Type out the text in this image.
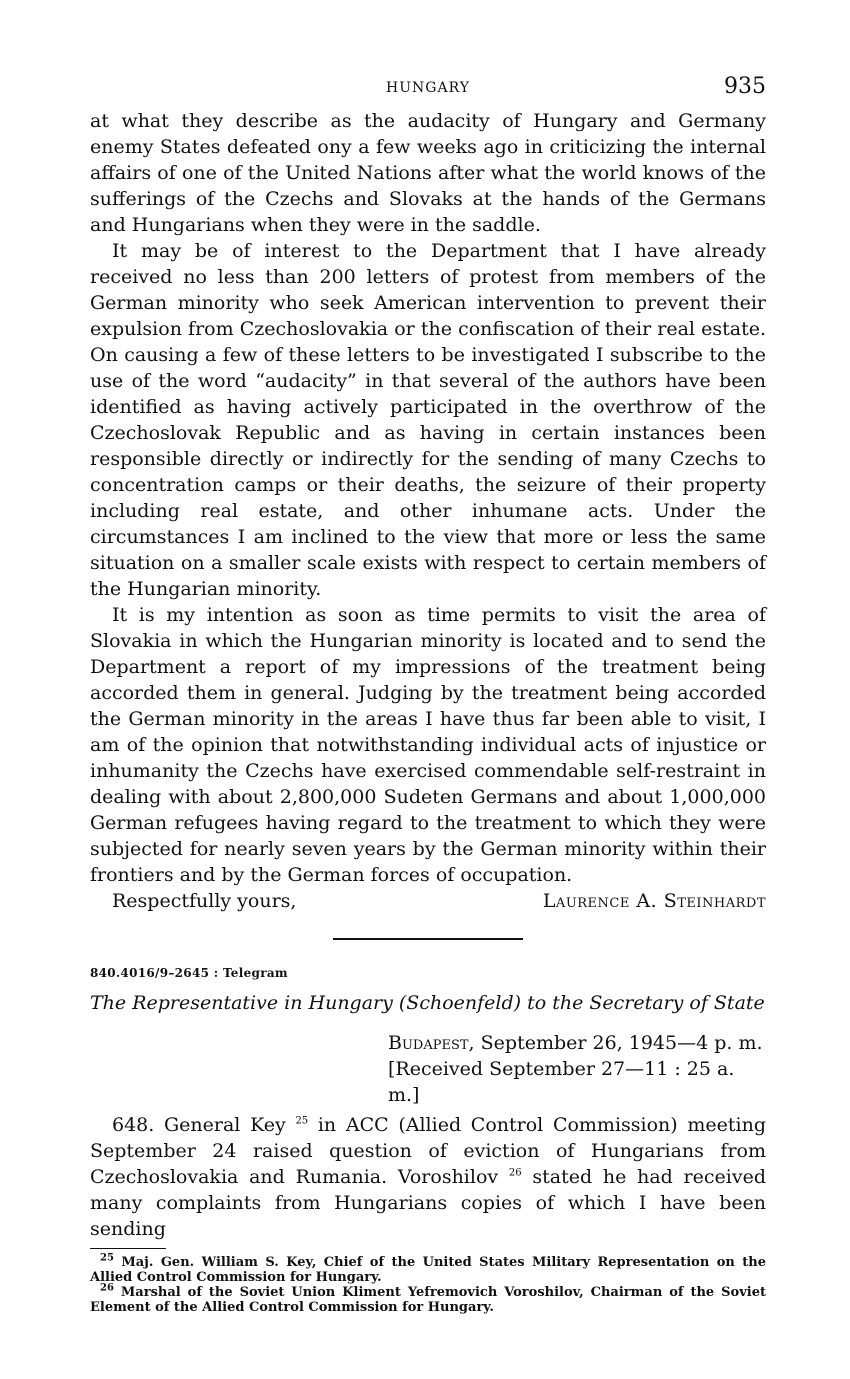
HUNGARY	935

at what they describe as the audacity of Hungary and Germany enemy States defeated ony a few weeks ago in criticizing the internal affairs of one of the United Nations after what the world knows of the sufferings of the Czechs and Slovaks at the hands of the Germans and Hungarians when they were in the saddle.

It may be of interest to the Department that I have already received no less than 200 letters of protest from members of the German minority who seek American intervention to prevent their expulsion from Czechoslovakia or the confiscation of their real estate. On causing a few of these letters to be investigated I subscribe to the use of the word “audacity” in that several of the authors have been identified as having actively participated in the overthrow of the Czechoslovak Republic and as having in certain instances been responsible directly or indirectly for the sending of many Czechs to concentration camps or their deaths, the seizure of their property including real estate, and other inhumane acts. Under the circumstances I am inclined to the view that more or less the same situation on a smaller scale exists with respect to certain members of the Hungarian minority.

It is my intention as soon as time permits to visit the area of Slovakia in which the Hungarian minority is located and to send the Department a report of my impressions of the treatment being accorded them in general. Judging by the treatment being accorded the German minority in the areas I have thus far been able to visit, I am of the opinion that notwithstanding individual acts of injustice or inhumanity the Czechs have exercised commendable self-restraint in dealing with about 2,800,000 Sudeten Germans and about 1,000,000 German refugees having regard to the treatment to which they were subjected for nearly seven years by the German minority within their frontiers and by the German forces of occupation.

Respectfully yours,	Laurence A. Steinhardt
840.4016/9–2645 : Telegram
The Representative in Hungary (Schoenfeld) to the Secretary of State
Budapest, September 26, 1945—4 p. m.
[Received September 27—11 : 25 a. m.]

648. General Key $^{25}$ in ACC (Allied Control Commission) meeting September 24 raised question of eviction of Hungarians from Czechoslovakia and Rumania. Voroshilov $^{26}$ stated he had received many complaints from Hungarians copies of which I have been sending

$^{25}$ Maj. Gen. William S. Key, Chief of the United States Military Representation on the Allied Control Commission for Hungary.

$^{26}$ Marshal of the Soviet Union Kliment Yefremovich Voroshilov, Chairman of the Soviet Element of the Allied Control Commission for Hungary.
